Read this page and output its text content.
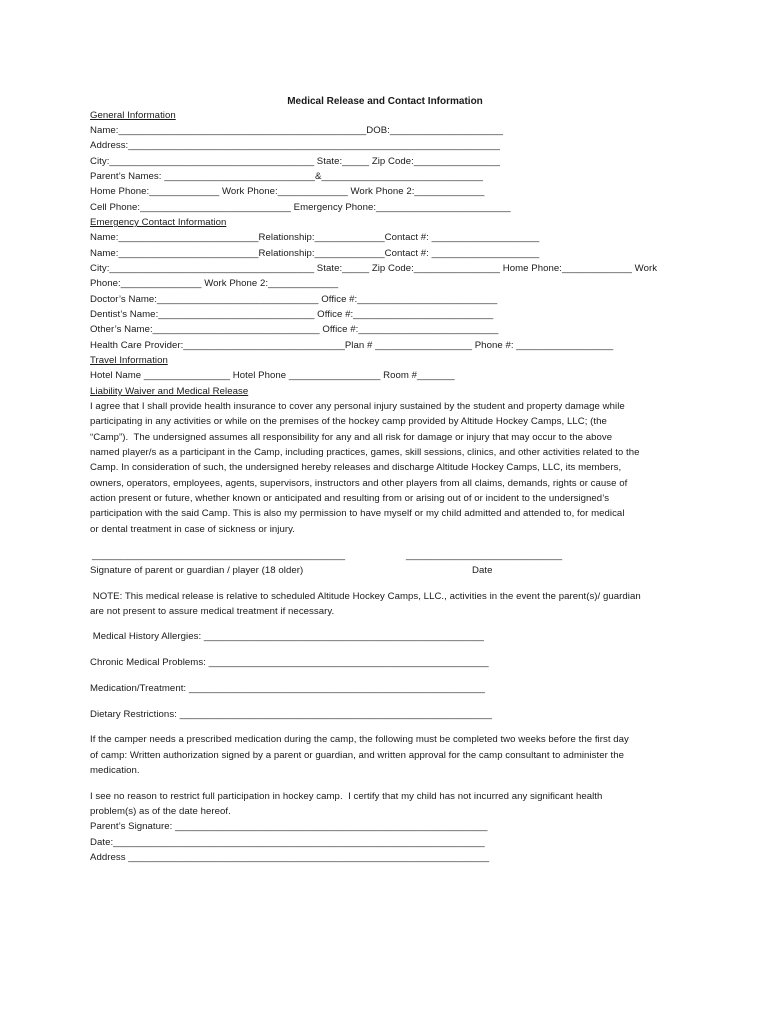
Medical Release and Contact Information
General Information
Name:______________________________________________DOB:_____________________
Address:_____________________________________________________________________
City:______________________________________ State:_____ Zip Code:________________
Parent’s Names: ____________________________&______________________________
Home Phone:_____________ Work Phone:_____________ Work Phone 2:_____________
Cell Phone:____________________________ Emergency Phone:_________________________
Emergency Contact Information
Name:__________________________Relationship:_____________Contact #: ____________________
Name:__________________________Relationship:_____________Contact #: ____________________
City:______________________________________ State:_____ Zip Code:________________ Home Phone:_____________ Work
Phone:_______________ Work Phone 2:_____________
Doctor’s Name:______________________________ Office #:__________________________
Dentist’s Name:_____________________________ Office #:__________________________
Other’s Name:_______________________________ Office #:__________________________
Health Care Provider:______________________________Plan # __________________ Phone #: __________________
Travel Information
Hotel Name ________________ Hotel Phone _________________ Room #_______
Liability Waiver and Medical Release
I agree that I shall provide health insurance to cover any personal injury sustained by the student and property damage while
participating in any activities or while on the premises of the hockey camp provided by Altitude Hockey Camps, LLC; (the
“Camp”).  The undersigned assumes all responsibility for any and all risk for damage or injury that may occur to the above
named player/s as a participant in the Camp, including practices, games, skill sessions, clinics, and other activities related to the
Camp. In consideration of such, the undersigned hereby releases and discharge Altitude Hockey Camps, LLC, its members,
owners, operators, employees, agents, supervisors, instructors and other players from all claims, demands, rights or cause of
action present or future, whether known or anticipated and resulting from or arising out of or incident to the undersigned’s
participation with the said Camp. This is also my permission to have myself or my child admitted and attended to, for medical
or dental treatment in case of sickness or injury.
_______________________________________________	_____________________________
Signature of parent or guardian / player (18 older)	Date
NOTE: This medical release is relative to scheduled Altitude Hockey Camps, LLC., activities in the event the parent(s)/ guardian
are not present to assure medical treatment if necessary.
Medical History Allergies: ____________________________________________________
Chronic Medical Problems: ____________________________________________________
Medication/Treatment: _______________________________________________________
Dietary Restrictions: __________________________________________________________
If the camper needs a prescribed medication during the camp, the following must be completed two weeks before the first day
of camp: Written authorization signed by a parent or guardian, and written approval for the camp consultant to administer the
medication.
I see no reason to restrict full participation in hockey camp.  I certify that my child has not incurred any significant health
problem(s) as of the date hereof.
Parent’s Signature: __________________________________________________________
Date:_____________________________________________________________________
Address ___________________________________________________________________
